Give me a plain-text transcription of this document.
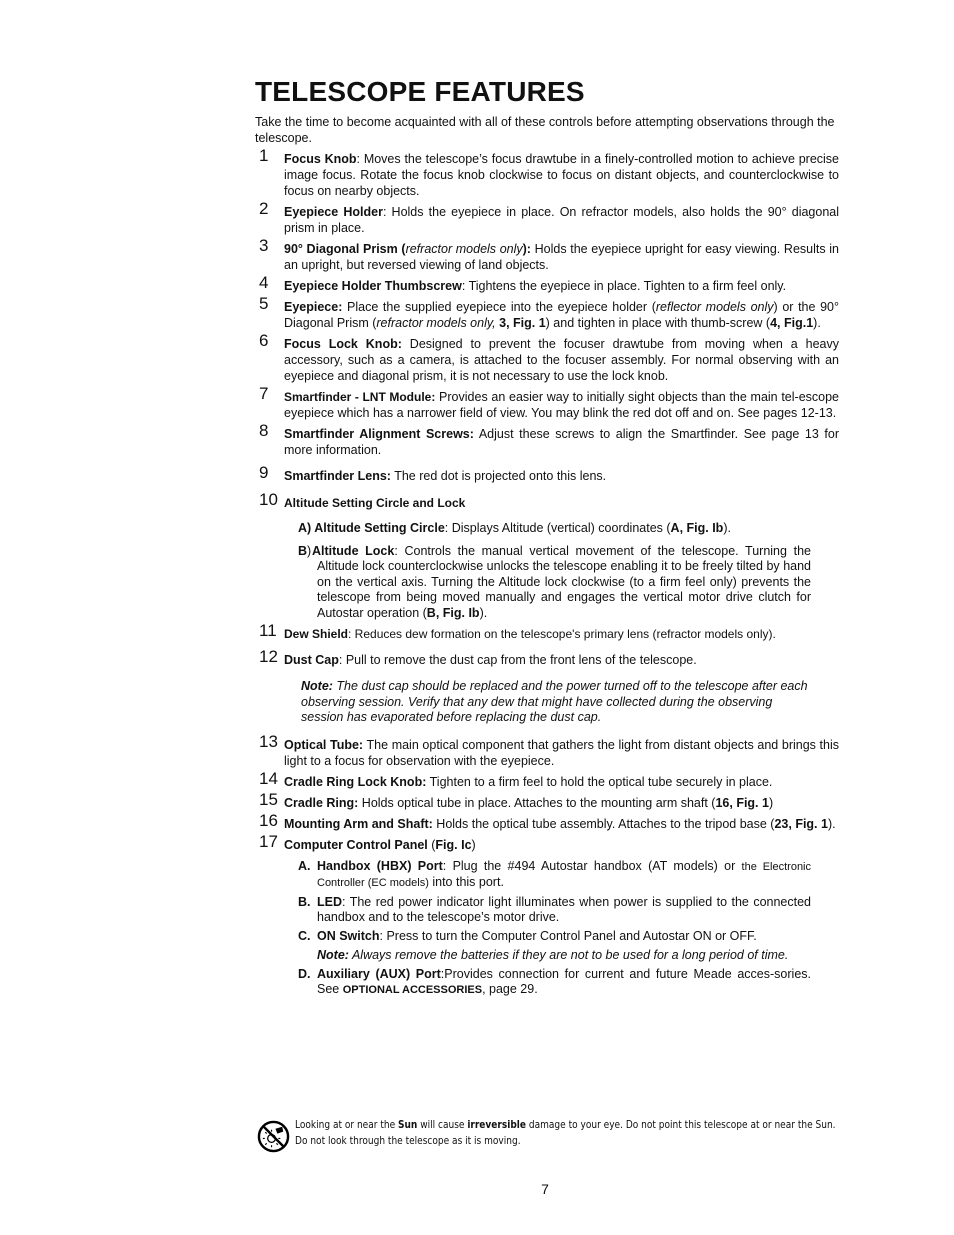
TELESCOPE FEATURES
Take the time to become acquainted with all of these controls before attempting observations through the telescope.
1 Focus Knob: Moves the telescope’s focus drawtube in a finely-controlled motion to achieve precise image focus. Rotate the focus knob clockwise to focus on distant objects, and counterclockwise to focus on nearby objects.
2 Eyepiece Holder: Holds the eyepiece in place. On refractor models, also holds the 90° diagonal prism in place.
3 90° Diagonal Prism (refractor models only): Holds the eyepiece upright for easy viewing. Results in an upright, but reversed viewing of land objects.
4 Eyepiece Holder Thumbscrew: Tightens the eyepiece in place. Tighten to a firm feel only.
5 Eyepiece: Place the supplied eyepiece into the eyepiece holder (reflector models only) or the 90° Diagonal Prism (refractor models only, 3, Fig. 1) and tighten in place with thumb-screw (4, Fig.1).
6 Focus Lock Knob: Designed to prevent the focuser drawtube from moving when a heavy accessory, such as a camera, is attached to the focuser assembly. For normal observing with an eyepiece and diagonal prism, it is not necessary to use the lock knob.
7 Smartfinder - LNT Module: Provides an easier way to initially sight objects than the main tel-escope eyepiece which has a narrower field of view. You may blink the red dot off and on. See pages 12-13.
8 Smartfinder Alignment Screws: Adjust these screws to align the Smartfinder. See page 13 for more information.
9 Smartfinder Lens: The red dot is projected onto this lens.
10 Altitude Setting Circle and Lock
A) Altitude Setting Circle: Displays Altitude (vertical) coordinates (A, Fig. Ib).
B) Altitude Lock: Controls the manual vertical movement of the telescope. Turning the Altitude lock counterclockwise unlocks the telescope enabling it to be freely tilted by hand on the vertical axis. Turning the Altitude lock clockwise (to a firm feel only) prevents the telescope from being moved manually and engages the vertical motor drive clutch for Autostar operation (B, Fig. Ib).
11 Dew Shield: Reduces dew formation on the telescope's primary lens (refractor models only).
12 Dust Cap: Pull to remove the dust cap from the front lens of the telescope.
Note: The dust cap should be replaced and the power turned off to the telescope after each observing session. Verify that any dew that might have collected during the observing session has evaporated before replacing the dust cap.
13 Optical Tube: The main optical component that gathers the light from distant objects and brings this light to a focus for observation with the eyepiece.
14 Cradle Ring Lock Knob: Tighten to a firm feel to hold the optical tube securely in place.
15 Cradle Ring: Holds optical tube in place. Attaches to the mounting arm shaft (16, Fig. 1)
16 Mounting Arm and Shaft: Holds the optical tube assembly. Attaches to the tripod base (23, Fig. 1).
17 Computer Control Panel (Fig. Ic)
A. Handbox (HBX) Port: Plug the #494 Autostar handbox (AT models) or the Electronic Controller (EC models) into this port.
B. LED: The red power indicator light illuminates when power is supplied to the connected handbox and to the telescope’s motor drive.
C. ON Switch: Press to turn the Computer Control Panel and Autostar ON or OFF.
Note: Always remove the batteries if they are not to be used for a long period of time.
D. Auxiliary (AUX) Port:Provides connection for current and future Meade acces-sories. See OPTIONAL ACCESSORIES, page 29.
Looking at or near the Sun will cause irreversible damage to your eye. Do not point this telescope at or near the Sun. Do not look through the telescope as it is moving.
7
